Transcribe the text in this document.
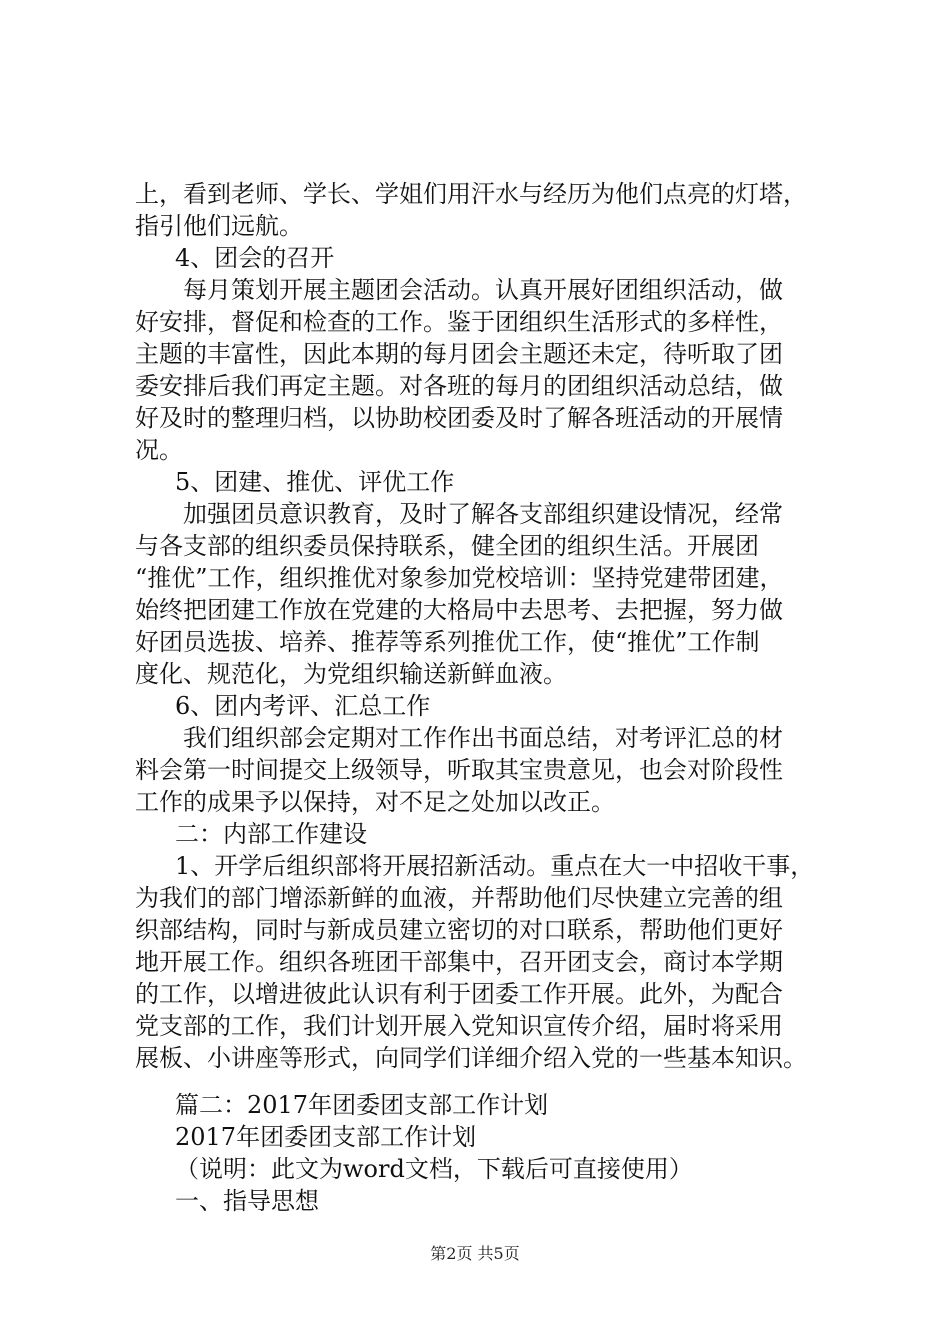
上，看到老师、学长、学姐们用汗水与经历为他们点亮的灯塔，
指引他们远航。
4、团会的召开
每月策划开展主题团会活动。认真开展好团组织活动，做
好安排，督促和检查的工作。鉴于团组织生活形式的多样性，
主题的丰富性，因此本期的每月团会主题还未定，待听取了团
委安排后我们再定主题。对各班的每月的团组织活动总结，做
好及时的整理归档，以协助校团委及时了解各班活动的开展情
况。
5、团建、推优、评优工作
加强团员意识教育，及时了解各支部组织建设情况，经常
与各支部的组织委员保持联系，健全团的组织生活。开展团
“推优”工作，组织推优对象参加党校培训：坚持党建带团建，
始终把团建工作放在党建的大格局中去思考、去把握，努力做
好团员选拔、培养、推荐等系列推优工作，使“推优”工作制
度化、规范化，为党组织输送新鲜血液。
6、团内考评、汇总工作
我们组织部会定期对工作作出书面总结，对考评汇总的材
料会第一时间提交上级领导，听取其宝贵意见，也会对阶段性
工作的成果予以保持，对不足之处加以改正。
二：内部工作建设
1、开学后组织部将开展招新活动。重点在大一中招收干事，
为我们的部门增添新鲜的血液，并帮助他们尽快建立完善的组
织部结构，同时与新成员建立密切的对口联系，帮助他们更好
地开展工作。组织各班团干部集中，召开团支会，商讨本学期
的工作，以增进彼此认识有利于团委工作开展。此外，为配合
党支部的工作，我们计划开展入党知识宣传介绍，届时将采用
展板、小讲座等形式，向同学们详细介绍入党的一些基本知识。
篇二：2017年团委团支部工作计划
2017年团委团支部工作计划
（说明：此文为word文档，下载后可直接使用）
一、指导思想
第2页 共5页
